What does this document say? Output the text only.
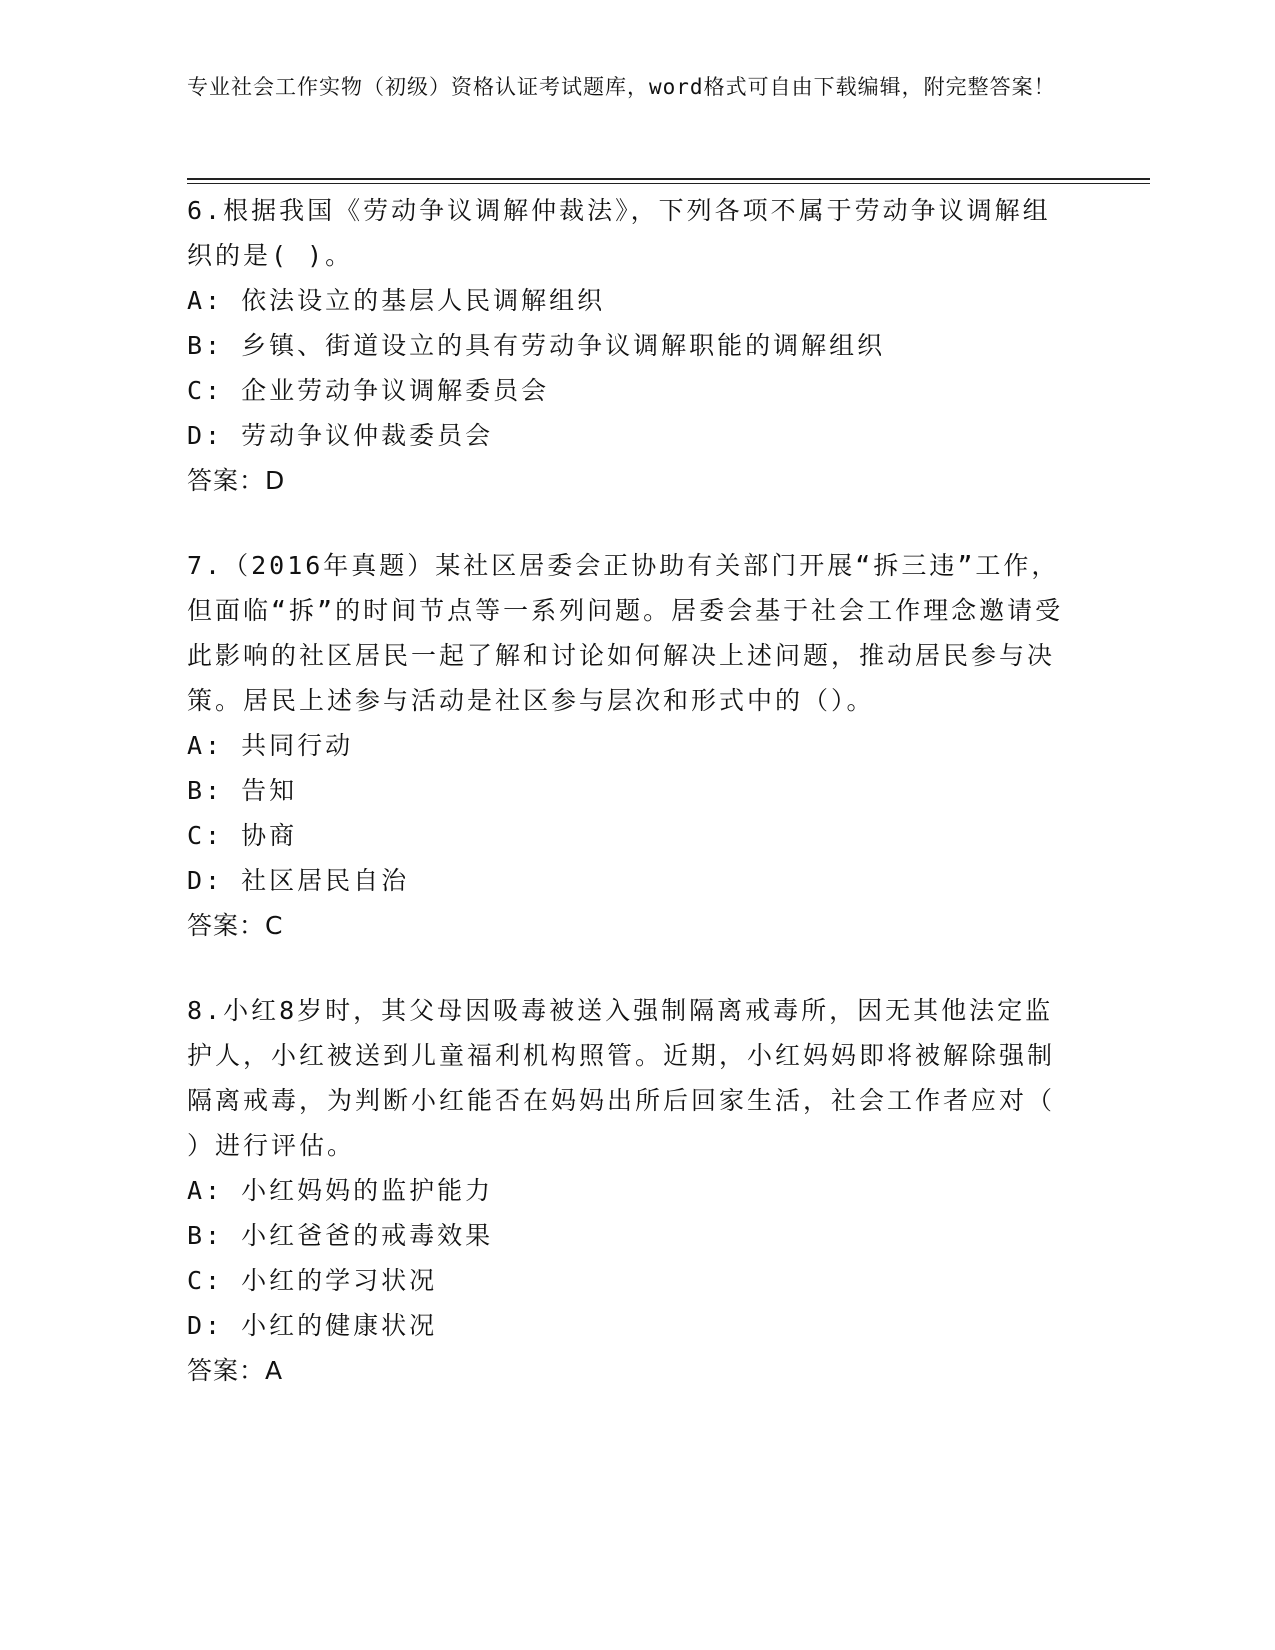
专业社会工作实物（初级）资格认证考试题库，word格式可自由下载编辑，附完整答案！

6.根据我国《劳动争议调解仲裁法》，下列各项不属于劳动争议调解组织的是( )。

A: 依法设立的基层人民调解组织

B: 乡镇、街道设立的具有劳动争议调解职能的调解组织

C: 企业劳动争议调解委员会

D: 劳动争议仲裁委员会

答案：D

7.（2016年真题）某社区居委会正协助有关部门开展“拆三违”工作，但面临“拆”的时间节点等一系列问题。居委会基于社会工作理念邀请受此影响的社区居民一起了解和讨论如何解决上述问题，推动居民参与决策。居民上述参与活动是社区参与层次和形式中的（）。

A: 共同行动

B: 告知

C: 协商

D: 社区居民自治

答案：C

8.小红8岁时，其父母因吸毒被送入强制隔离戒毒所，因无其他法定监护人，小红被送到儿童福利机构照管。近期，小红妈妈即将被解除强制隔离戒毒，为判断小红能否在妈妈出所后回家生活，社会工作者应对（ ）进行评估。

A: 小红妈妈的监护能力

B: 小红爸爸的戒毒效果

C: 小红的学习状况

D: 小红的健康状况

答案：A
